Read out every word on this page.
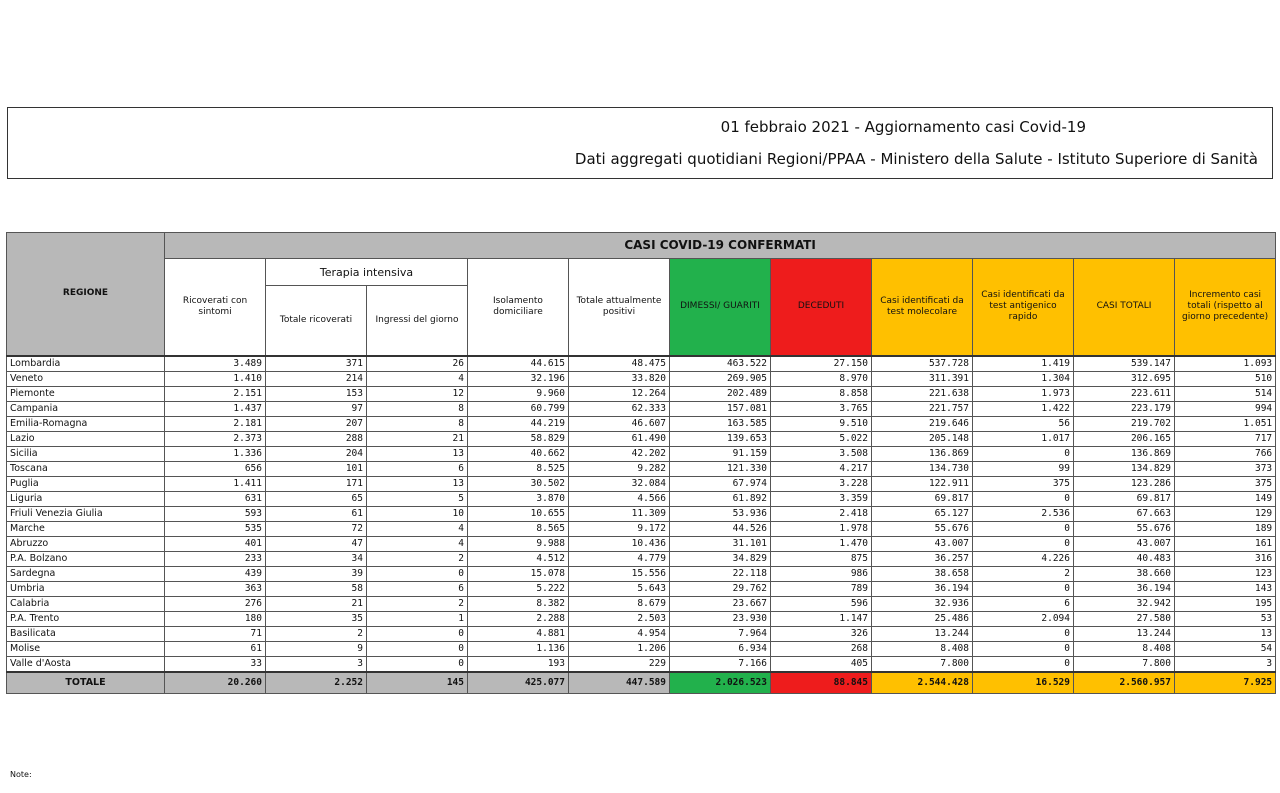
01 febbraio 2021 - Aggiornamento casi Covid-19
Dati aggregati quotidiani Regioni/PPAA - Ministero della Salute - Istituto Superiore di Sanità
REGIONE	CASI COVID-19 CONFERMATI										
	Ricoverati con sintomi	Terapia intensiva		Isolamento domiciliare	Totale attualmente positivi	DIMESSI/ GUARITI	DECEDUTI	Casi identificati da test molecolare	Casi identificati da test antigenico rapido	CASI TOTALI	Incremento casi totali (rispetto al giorno precedente)
		Totale ricoverati	Ingressi del giorno								
Lombardia	3.489	371	26	44.615	48.475	463.522	27.150	537.728	1.419	539.147	1.093
Veneto	1.410	214	4	32.196	33.820	269.905	8.970	311.391	1.304	312.695	510
Piemonte	2.151	153	12	9.960	12.264	202.489	8.858	221.638	1.973	223.611	514
Campania	1.437	97	8	60.799	62.333	157.081	3.765	221.757	1.422	223.179	994
Emilia-Romagna	2.181	207	8	44.219	46.607	163.585	9.510	219.646	56	219.702	1.051
Lazio	2.373	288	21	58.829	61.490	139.653	5.022	205.148	1.017	206.165	717
Sicilia	1.336	204	13	40.662	42.202	91.159	3.508	136.869	0	136.869	766
Toscana	656	101	6	8.525	9.282	121.330	4.217	134.730	99	134.829	373
Puglia	1.411	171	13	30.502	32.084	67.974	3.228	122.911	375	123.286	375
Liguria	631	65	5	3.870	4.566	61.892	3.359	69.817	0	69.817	149
Friuli Venezia Giulia	593	61	10	10.655	11.309	53.936	2.418	65.127	2.536	67.663	129
Marche	535	72	4	8.565	9.172	44.526	1.978	55.676	0	55.676	189
Abruzzo	401	47	4	9.988	10.436	31.101	1.470	43.007	0	43.007	161
P.A. Bolzano	233	34	2	4.512	4.779	34.829	875	36.257	4.226	40.483	316
Sardegna	439	39	0	15.078	15.556	22.118	986	38.658	2	38.660	123
Umbria	363	58	6	5.222	5.643	29.762	789	36.194	0	36.194	143
Calabria	276	21	2	8.382	8.679	23.667	596	32.936	6	32.942	195
P.A. Trento	180	35	1	2.288	2.503	23.930	1.147	25.486	2.094	27.580	53
Basilicata	71	2	0	4.881	4.954	7.964	326	13.244	0	13.244	13
Molise	61	9	0	1.136	1.206	6.934	268	8.408	0	8.408	54
Valle d'Aosta	33	3	0	193	229	7.166	405	7.800	0	7.800	3
TOTALE	20.260	2.252	145	425.077	447.589	2.026.523	88.845	2.544.428	16.529	2.560.957	7.925
Note:
